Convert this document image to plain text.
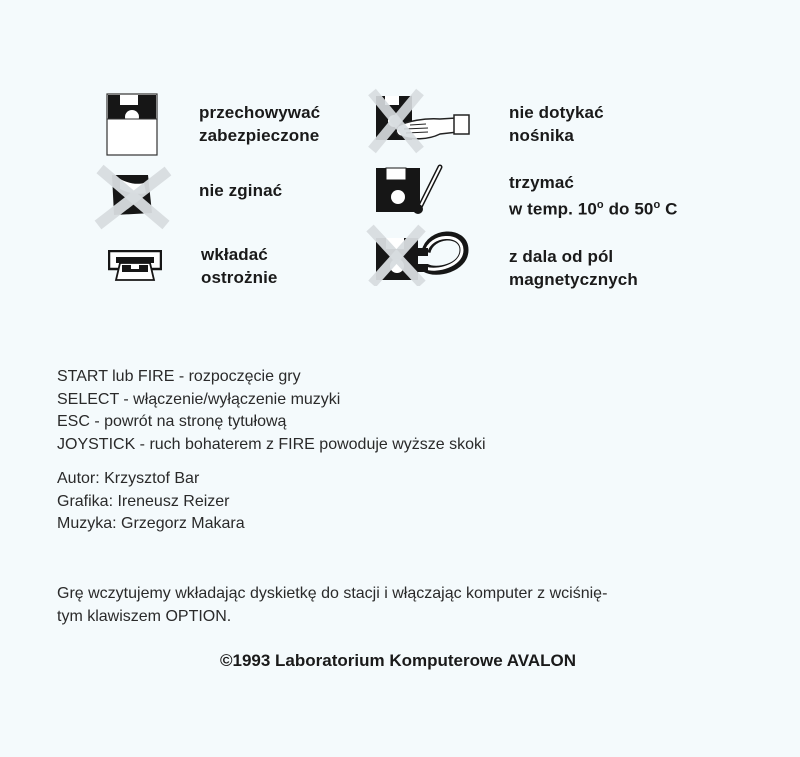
przechowywać
zabezpieczone
nie dotykać
nośnika
nie zginać	trzymać
w temp. 10$^o$ do 50$^o$ C
wkładać
ostrożnie
z dala od pól
magnetycznych
START lub FIRE - rozpoczęcie gry
SELECT - włączenie/wyłączenie muzyki
ESC - powrót na stronę tytułową
JOYSTICK - ruch bohaterem z FIRE powoduje wyższe skoki
Autor: Krzysztof Bar
Grafika: Ireneusz Reizer
Muzyka: Grzegorz Makara
Grę wczytujemy wkładając dyskietkę do stacji i włączając komputer z wciśnię-
tym klawiszem OPTION.
©1993 Laboratorium Komputerowe AVALON
